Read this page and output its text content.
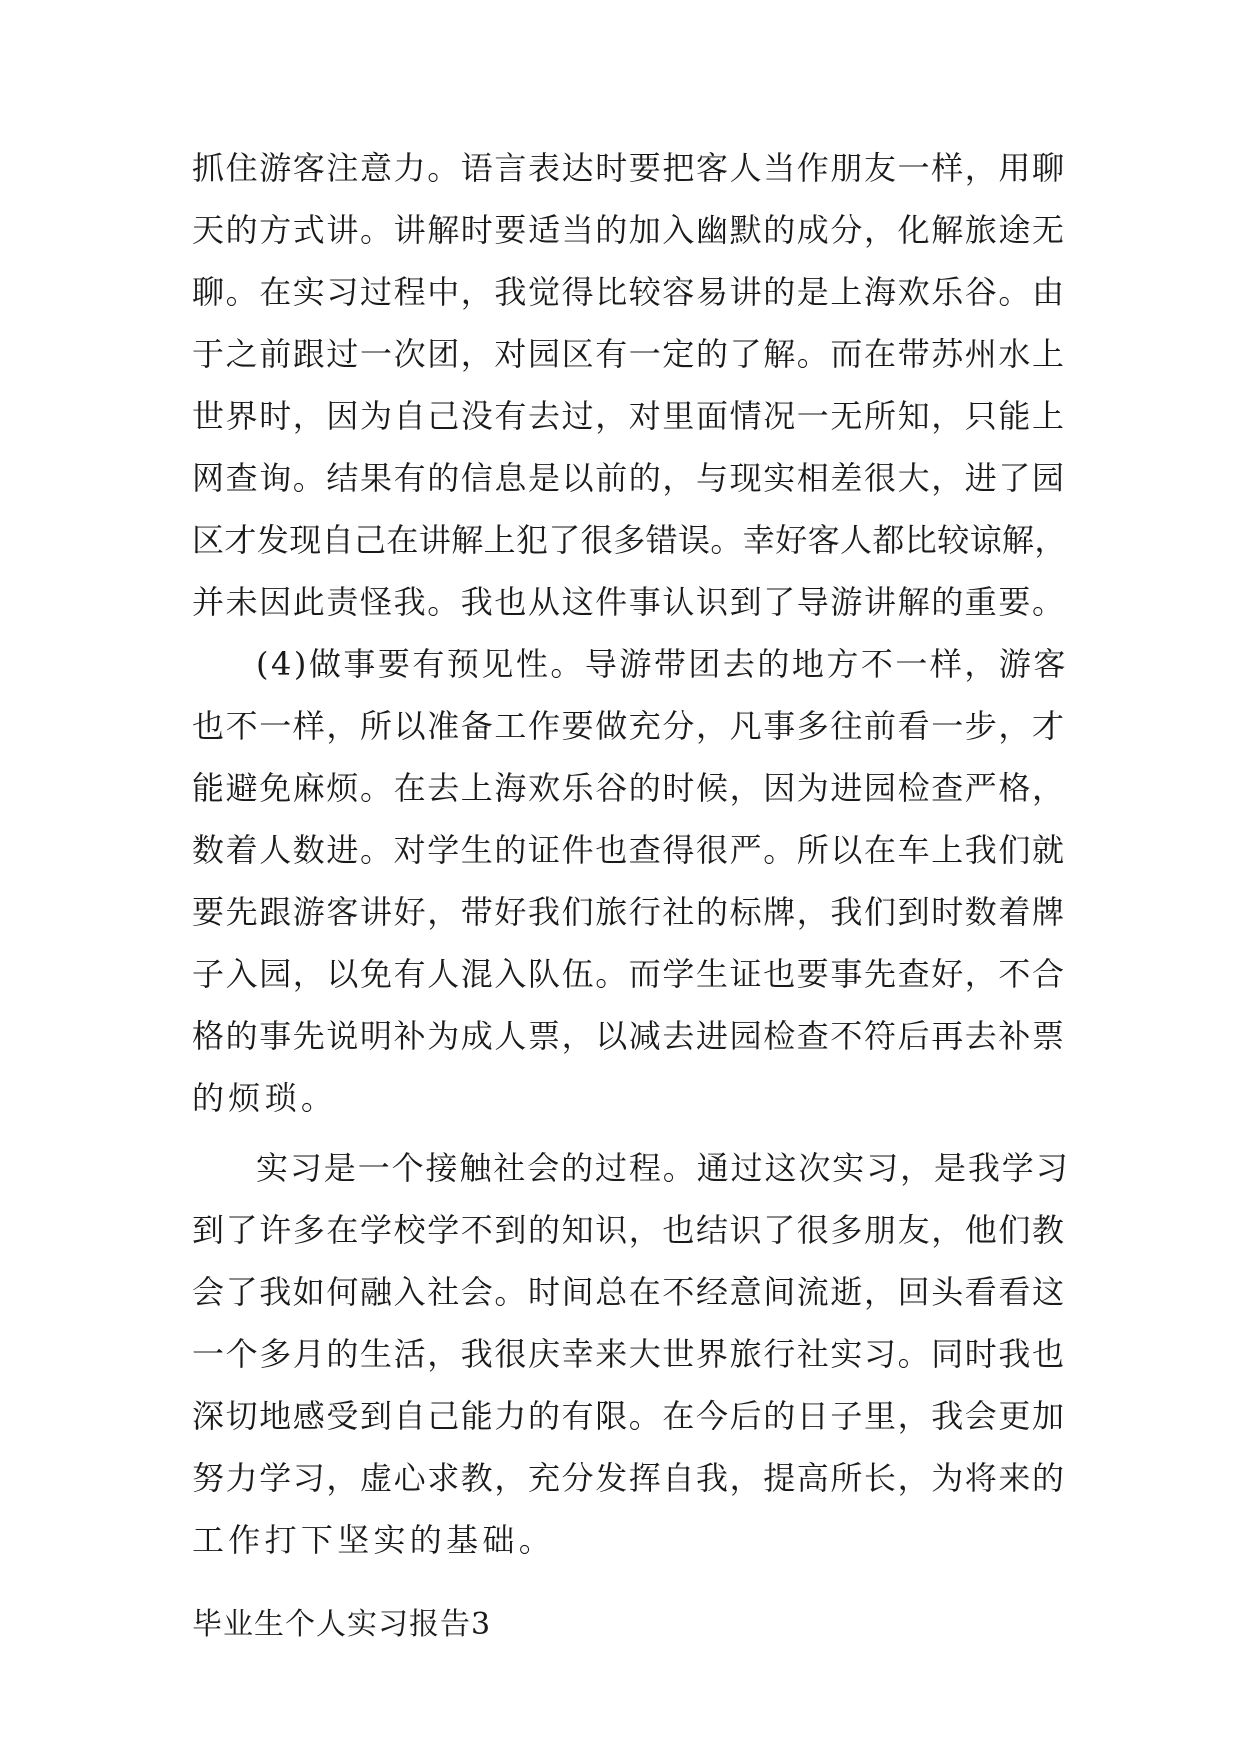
抓住游客注意力。语言表达时要把客人当作朋友一样，用聊
天的方式讲。讲解时要适当的加入幽默的成分，化解旅途无
聊。在实习过程中，我觉得比较容易讲的是上海欢乐谷。由
于之前跟过一次团，对园区有一定的了解。而在带苏州水上
世界时，因为自己没有去过，对里面情况一无所知，只能上
网查询。结果有的信息是以前的，与现实相差很大，进了园
区才发现自己在讲解上犯了很多错误。幸好客人都比较谅解，
并未因此责怪我。我也从这件事认识到了导游讲解的重要。
(4)做事要有预见性。导游带团去的地方不一样，游客
也不一样，所以准备工作要做充分，凡事多往前看一步，才
能避免麻烦。在去上海欢乐谷的时候，因为进园检查严格，
数着人数进。对学生的证件也查得很严。所以在车上我们就
要先跟游客讲好，带好我们旅行社的标牌，我们到时数着牌
子入园，以免有人混入队伍。而学生证也要事先查好，不合
格的事先说明补为成人票，以减去进园检查不符后再去补票
的烦琐。
实习是一个接触社会的过程。通过这次实习，是我学习
到了许多在学校学不到的知识，也结识了很多朋友，他们教
会了我如何融入社会。时间总在不经意间流逝，回头看看这
一个多月的生活，我很庆幸来大世界旅行社实习。同时我也
深切地感受到自己能力的有限。在今后的日子里，我会更加
努力学习，虚心求教，充分发挥自我，提高所长，为将来的
工作打下坚实的基础。
毕业生个人实习报告3
